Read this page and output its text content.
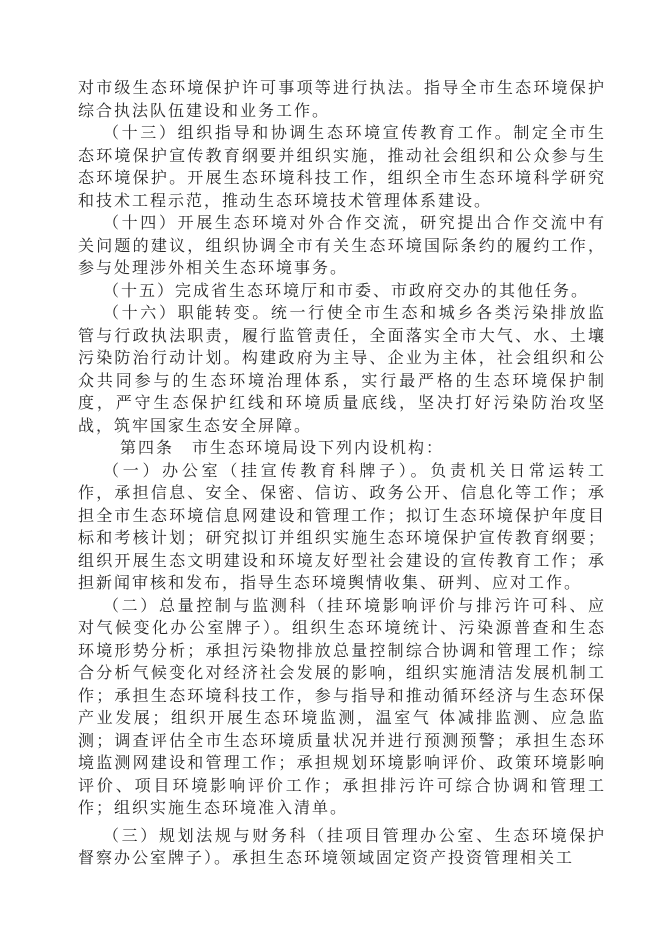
对市级生态环境保护许可事项等进行执法。指导全市生态环境保护
综合执法队伍建设和业务工作。
（十三）组织指导和协调生态环境宣传教育工作。制定全市生
态环境保护宣传教育纲要并组织实施，推动社会组织和公众参与生
态环境保护。开展生态环境科技工作，组织全市生态环境科学研究
和技术工程示范，推动生态环境技术管理体系建设。
（十四）开展生态环境对外合作交流，研究提出合作交流中有
关问题的建议，组织协调全市有关生态环境国际条约的履约工作，
参与处理涉外相关生态环境事务。
（十五）完成省生态环境厅和市委、市政府交办的其他任务。
（十六）职能转变。统一行使全市生态和城乡各类污染排放监
管与行政执法职责，履行监管责任，全面落实全市大气、水、土壤
污染防治行动计划。构建政府为主导、企业为主体，社会组织和公
众共同参与的生态环境治理体系，实行最严格的生态环境保护制
度，严守生态保护红线和环境质量底线，坚决打好污染防治攻坚
战，筑牢国家生态安全屏障。
第四条　市生态环境局设下列内设机构：
（一）办公室（挂宣传教育科牌子）。负责机关日常运转工
作，承担信息、安全、保密、信访、政务公开、信息化等工作；承
担全市生态环境信息网建设和管理工作；拟订生态环境保护年度目
标和考核计划；研究拟订并组织实施生态环境保护宣传教育纲要；
组织开展生态文明建设和环境友好型社会建设的宣传教育工作；承
担新闻审核和发布，指导生态环境舆情收集、研判、应对工作。
（二）总量控制与监测科（挂环境影响评价与排污许可科、应
对气候变化办公室牌子）。组织生态环境统计、污染源普查和生态
环境形势分析；承担污染物排放总量控制综合协调和管理工作；综
合分析气候变化对经济社会发展的影响，组织实施清洁发展机制工
作；承担生态环境科技工作，参与指导和推动循环经济与生态环保
产业发展；组织开展生态环境监测，温室气 体减排监测、应急监
测；调查评估全市生态环境质量状况并进行预测预警；承担生态环
境监测网建设和管理工作；承担规划环境影响评价、政策环境影响
评价、项目环境影响评价工作；承担排污许可综合协调和管理工
作；组织实施生态环境准入清单。
（三）规划法规与财务科（挂项目管理办公室、生态环境保护
督察办公室牌子）。承担生态环境领域固定资产投资管理相关工
